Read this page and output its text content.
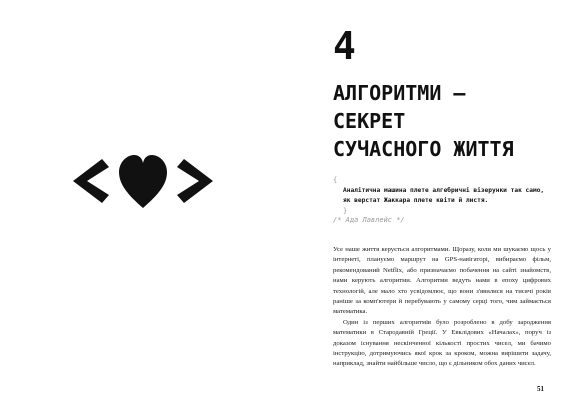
4
АЛГОРИТМИ —
СЕКРЕТ
СУЧАСНОГО ЖИТТЯ
{
Аналітична машина плете алгебричні візерунки так само,
як верстат Жаккара плете квіти й листя.
}
/* Ада Лавлейс */

Усе наше життя керується алгоритмами. Щоразу, коли ми шукаємо щось у інтернеті, плануємо маршрут на GPS-навігаторі, вибираємо фільм, рекомендований Netflix, або призначаємо побачення на сайті знайомств, нами керують алгоритми. Алгоритми ведуть нами в епоху цифрових технологій, але мало хто усвідомлює, що вони з'явилися на тисячі років раніше за комп'ютери й перебувають у самому серці того, чим займається математика.

Один із перших алгоритмів було розроблено в добу зародження математики в Стародавній Греції. У Евклідових «Началах», поруч із доказом існування нескінченної кількості простих чисел, ми бачимо інструкцію, дотримуючись якої крок за кроком, можна вирішити задачу, наприклад, знайти найбільше число, що є дільником обох даних чисел.

51
